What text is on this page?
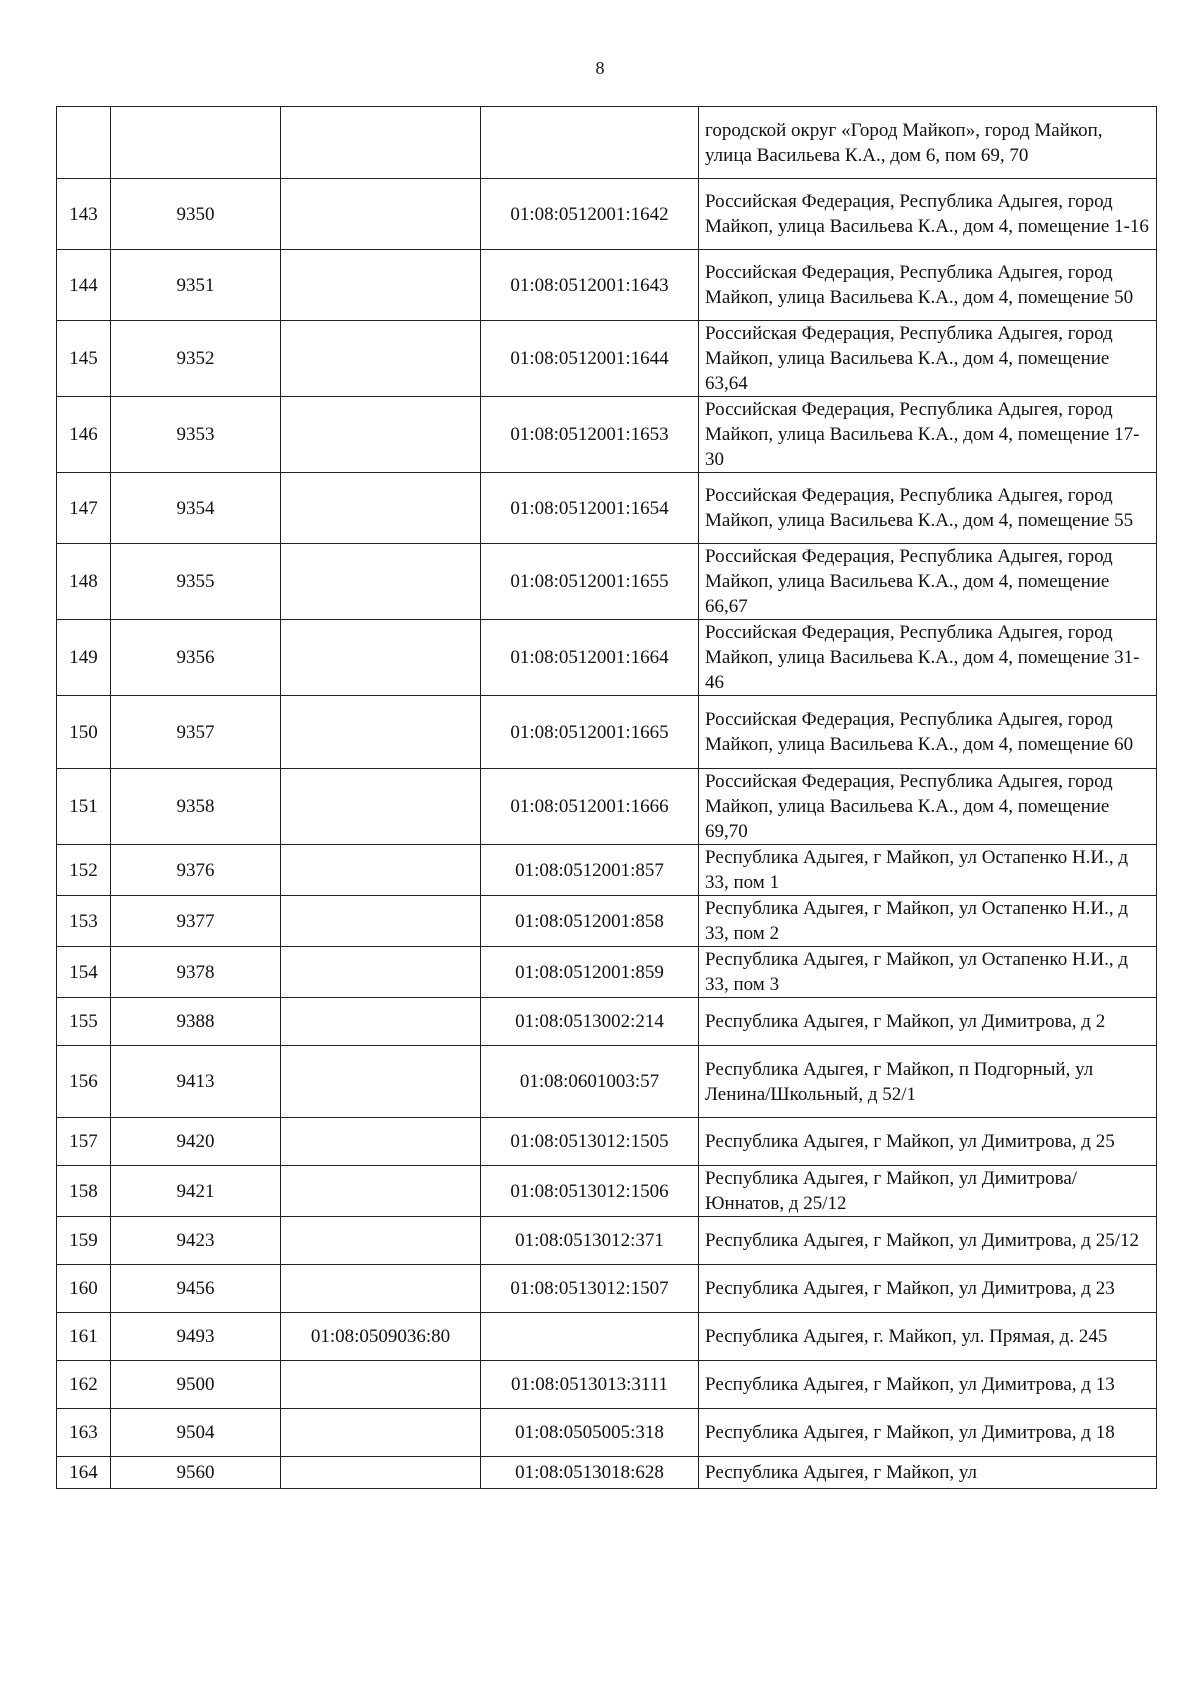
8
				городской округ «Город Майкоп», город Майкоп, улица Васильева К.А., дом 6, пом 69, 70
143	9350		01:08:0512001:1642	Российская Федерация, Республика Адыгея, город Майкоп, улица Васильева К.А., дом 4, помещение 1-16
144	9351		01:08:0512001:1643	Российская Федерация, Республика Адыгея, город Майкоп, улица Васильева К.А., дом 4, помещение 50
145	9352		01:08:0512001:1644	Российская Федерация, Республика Адыгея, город Майкоп, улица Васильева К.А., дом 4, помещение 63,64
146	9353		01:08:0512001:1653	Российская Федерация, Республика Адыгея, город Майкоп, улица Васильева К.А., дом 4, помещение 17-30
147	9354		01:08:0512001:1654	Российская Федерация, Республика Адыгея, город Майкоп, улица Васильева К.А., дом 4, помещение 55
148	9355		01:08:0512001:1655	Российская Федерация, Республика Адыгея, город Майкоп, улица Васильева К.А., дом 4, помещение 66,67
149	9356		01:08:0512001:1664	Российская Федерация, Республика Адыгея, город Майкоп, улица Васильева К.А., дом 4, помещение 31-46
150	9357		01:08:0512001:1665	Российская Федерация, Республика Адыгея, город Майкоп, улица Васильева К.А., дом 4, помещение 60
151	9358		01:08:0512001:1666	Российская Федерация, Республика Адыгея, город Майкоп, улица Васильева К.А., дом 4, помещение 69,70
152	9376		01:08:0512001:857	Республика Адыгея, г Майкоп, ул Остапенко Н.И., д 33, пом 1
153	9377		01:08:0512001:858	Республика Адыгея, г Майкоп, ул Остапенко Н.И., д 33, пом 2
154	9378		01:08:0512001:859	Республика Адыгея, г Майкоп, ул Остапенко Н.И., д 33, пом 3
155	9388		01:08:0513002:214	Республика Адыгея, г Майкоп, ул Димитрова, д 2
156	9413		01:08:0601003:57	Республика Адыгея, г Майкоп, п Подгорный, ул Ленина/Школьный, д 52/1
157	9420		01:08:0513012:1505	Республика Адыгея, г Майкоп, ул Димитрова, д 25
158	9421		01:08:0513012:1506	Республика Адыгея, г Майкоп, ул Димитрова/Юннатов, д 25/12
159	9423		01:08:0513012:371	Республика Адыгея, г Майкоп, ул Димитрова, д 25/12
160	9456		01:08:0513012:1507	Республика Адыгея, г Майкоп, ул Димитрова, д 23
161	9493	01:08:0509036:80		Республика Адыгея, г. Майкоп, ул. Прямая, д. 245
162	9500		01:08:0513013:3111	Республика Адыгея, г Майкоп, ул Димитрова, д 13
163	9504		01:08:0505005:318	Республика Адыгея, г Майкоп, ул Димитрова, д 18
164	9560		01:08:0513018:628	Республика Адыгея, г Майкоп, ул
